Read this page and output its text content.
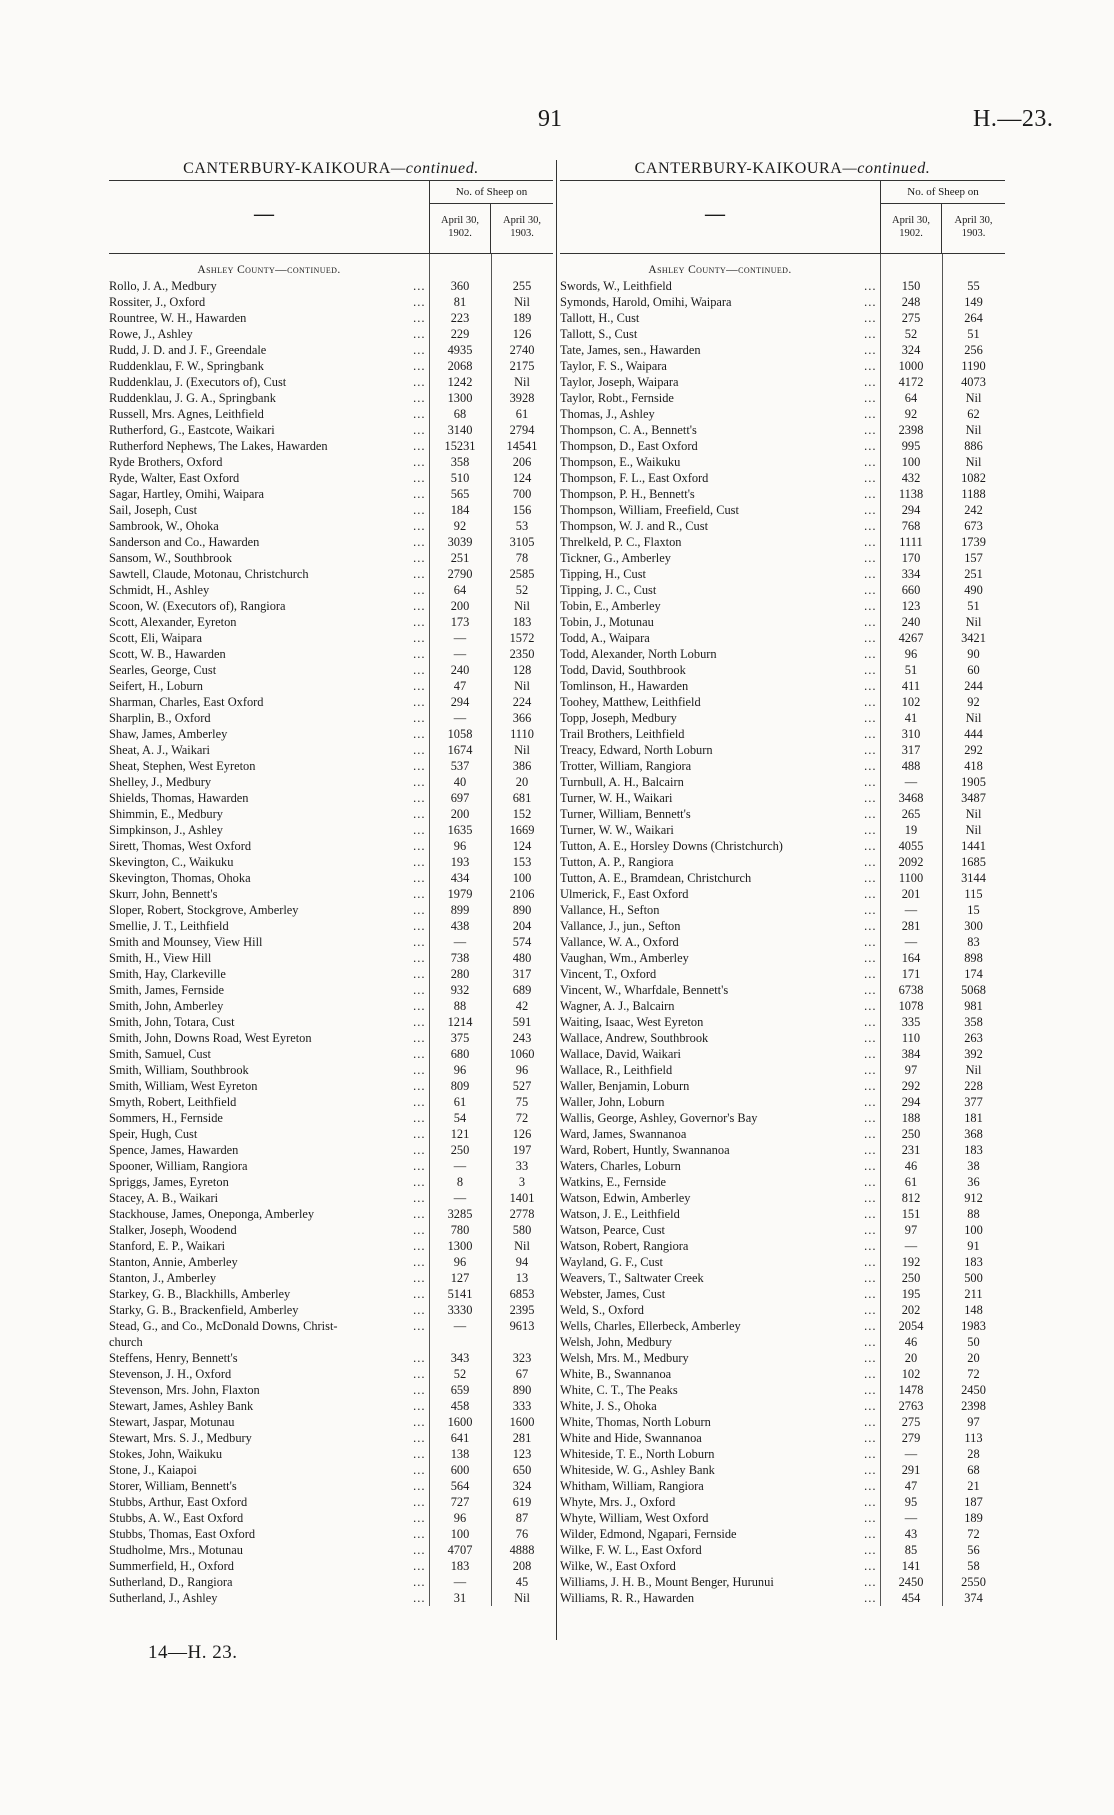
91	H.—23.
CANTERBURY-KAIKOURA—continued.
—
No. of Sheep on
April 30, 1902.
April 30, 1903.
Ashley County—continued.
Rollo, J. A., Medbury …	360	255
Rossiter, J., Oxford …	81	Nil
Rountree, W. H., Hawarden …	223	189
Rowe, J., Ashley …	229	126
Rudd, J. D. and J. F., Greendale …	4935	2740
Ruddenklau, F. W., Springbank …	2068	2175
Ruddenklau, J. (Executors of), Cust …	1242	Nil
Ruddenklau, J. G. A., Springbank …	1300	3928
Russell, Mrs. Agnes, Leithfield …	68	61
Rutherford, G., Eastcote, Waikari …	3140	2794
Rutherford Nephews, The Lakes, Hawarden …	15231	14541
Ryde Brothers, Oxford …	358	206
Ryde, Walter, East Oxford …	510	124
Sagar, Hartley, Omihi, Waipara …	565	700
Sail, Joseph, Cust …	184	156
Sambrook, W., Ohoka …	92	53
Sanderson and Co., Hawarden …	3039	3105
Sansom, W., Southbrook …	251	78
Sawtell, Claude, Motonau, Christchurch …	2790	2585
Schmidt, H., Ashley …	64	52
Scoon, W. (Executors of), Rangiora …	200	Nil
Scott, Alexander, Eyreton …	173	183
Scott, Eli, Waipara …	—	1572
Scott, W. B., Hawarden …	—	2350
Searles, George, Cust …	240	128
Seifert, H., Loburn …	47	Nil
Sharman, Charles, East Oxford …	294	224
Sharplin, B., Oxford …	—	366
Shaw, James, Amberley …	1058	1110
Sheat, A. J., Waikari …	1674	Nil
Sheat, Stephen, West Eyreton …	537	386
Shelley, J., Medbury …	40	20
Shields, Thomas, Hawarden …	697	681
Shimmin, E., Medbury …	200	152
Simpkinson, J., Ashley …	1635	1669
Sirett, Thomas, West Oxford …	96	124
Skevington, C., Waikuku …	193	153
Skevington, Thomas, Ohoka …	434	100
Skurr, John, Bennett's …	1979	2106
Sloper, Robert, Stockgrove, Amberley …	899	890
Smellie, J. T., Leithfield …	438	204
Smith and Mounsey, View Hill …	—	574
Smith, H., View Hill …	738	480
Smith, Hay, Clarkeville …	280	317
Smith, James, Fernside …	932	689
Smith, John, Amberley …	88	42
Smith, John, Totara, Cust …	1214	591
Smith, John, Downs Road, West Eyreton …	375	243
Smith, Samuel, Cust …	680	1060
Smith, William, Southbrook …	96	96
Smith, William, West Eyreton …	809	527
Smyth, Robert, Leithfield …	61	75
Sommers, H., Fernside …	54	72
Speir, Hugh, Cust …	121	126
Spence, James, Hawarden …	250	197
Spooner, William, Rangiora …	—	33
Spriggs, James, Eyreton …	8	3
Stacey, A. B., Waikari …	—	1401
Stackhouse, James, Oneponga, Amberley …	3285	2778
Stalker, Joseph, Woodend …	780	580
Stanford, E. P., Waikari …	1300	Nil
Stanton, Annie, Amberley …	96	94
Stanton, J., Amberley …	127	13
Starkey, G. B., Blackhills, Amberley …	5141	6853
Starky, G. B., Brackenfield, Amberley …	3330	2395
Stead, G., and Co., McDonald Downs, Christ- …	—	9613
church
Steffens, Henry, Bennett's …	343	323
Stevenson, J. H., Oxford …	52	67
Stevenson, Mrs. John, Flaxton …	659	890
Stewart, James, Ashley Bank …	458	333
Stewart, Jaspar, Motunau …	1600	1600
Stewart, Mrs. S. J., Medbury …	641	281
Stokes, John, Waikuku …	138	123
Stone, J., Kaiapoi …	600	650
Storer, William, Bennett's …	564	324
Stubbs, Arthur, East Oxford …	727	619
Stubbs, A. W., East Oxford …	96	87
Stubbs, Thomas, East Oxford …	100	76
Studholme, Mrs., Motunau …	4707	4888
Summerfield, H., Oxford …	183	208
Sutherland, D., Rangiora …	—	45
Sutherland, J., Ashley …	31	Nil
CANTERBURY-KAIKOURA—continued.
—
No. of Sheep on
April 30, 1902.
April 30, 1903.
Ashley County—continued.
Swords, W., Leithfield …	150	55
Symonds, Harold, Omihi, Waipara …	248	149
Tallott, H., Cust …	275	264
Tallott, S., Cust …	52	51
Tate, James, sen., Hawarden …	324	256
Taylor, F. S., Waipara …	1000	1190
Taylor, Joseph, Waipara …	4172	4073
Taylor, Robt., Fernside …	64	Nil
Thomas, J., Ashley …	92	62
Thompson, C. A., Bennett's …	2398	Nil
Thompson, D., East Oxford …	995	886
Thompson, E., Waikuku …	100	Nil
Thompson, F. L., East Oxford …	432	1082
Thompson, P. H., Bennett's …	1138	1188
Thompson, William, Freefield, Cust …	294	242
Thompson, W. J. and R., Cust …	768	673
Threlkeld, P. C., Flaxton …	1111	1739
Tickner, G., Amberley …	170	157
Tipping, H., Cust …	334	251
Tipping, J. C., Cust …	660	490
Tobin, E., Amberley …	123	51
Tobin, J., Motunau …	240	Nil
Todd, A., Waipara …	4267	3421
Todd, Alexander, North Loburn …	96	90
Todd, David, Southbrook …	51	60
Tomlinson, H., Hawarden …	411	244
Toohey, Matthew, Leithfield …	102	92
Topp, Joseph, Medbury …	41	Nil
Trail Brothers, Leithfield …	310	444
Treacy, Edward, North Loburn …	317	292
Trotter, William, Rangiora …	488	418
Turnbull, A. H., Balcairn …	—	1905
Turner, W. H., Waikari …	3468	3487
Turner, William, Bennett's …	265	Nil
Turner, W. W., Waikari …	19	Nil
Tutton, A. E., Horsley Downs (Christchurch) …	4055	1441
Tutton, A. P., Rangiora …	2092	1685
Tutton, A. E., Bramdean, Christchurch …	1100	3144
Ulmerick, F., East Oxford …	201	115
Vallance, H., Sefton …	—	15
Vallance, J., jun., Sefton …	281	300
Vallance, W. A., Oxford …	—	83
Vaughan, Wm., Amberley …	164	898
Vincent, T., Oxford …	171	174
Vincent, W., Wharfdale, Bennett's …	6738	5068
Wagner, A. J., Balcairn …	1078	981
Waiting, Isaac, West Eyreton …	335	358
Wallace, Andrew, Southbrook …	110	263
Wallace, David, Waikari …	384	392
Wallace, R., Leithfield …	97	Nil
Waller, Benjamin, Loburn …	292	228
Waller, John, Loburn …	294	377
Wallis, George, Ashley, Governor's Bay …	188	181
Ward, James, Swannanoa …	250	368
Ward, Robert, Huntly, Swannanoa …	231	183
Waters, Charles, Loburn …	46	38
Watkins, E., Fernside …	61	36
Watson, Edwin, Amberley …	812	912
Watson, J. E., Leithfield …	151	88
Watson, Pearce, Cust …	97	100
Watson, Robert, Rangiora …	—	91
Wayland, G. F., Cust …	192	183
Weavers, T., Saltwater Creek …	250	500
Webster, James, Cust …	195	211
Weld, S., Oxford …	202	148
Wells, Charles, Ellerbeck, Amberley …	2054	1983
Welsh, John, Medbury …	46	50
Welsh, Mrs. M., Medbury …	20	20
White, B., Swannanoa …	102	72
White, C. T., The Peaks …	1478	2450
White, J. S., Ohoka …	2763	2398
White, Thomas, North Loburn …	275	97
White and Hide, Swannanoa …	279	113
Whiteside, T. E., North Loburn …	—	28
Whiteside, W. G., Ashley Bank …	291	68
Whitham, William, Rangiora …	47	21
Whyte, Mrs. J., Oxford …	95	187
Whyte, William, West Oxford …	—	189
Wilder, Edmond, Ngapari, Fernside …	43	72
Wilke, F. W. L., East Oxford …	85	56
Wilke, W., East Oxford …	141	58
Williams, J. H. B., Mount Benger, Hurunui …	2450	2550
Williams, R. R., Hawarden …	454	374
14—H. 23.
